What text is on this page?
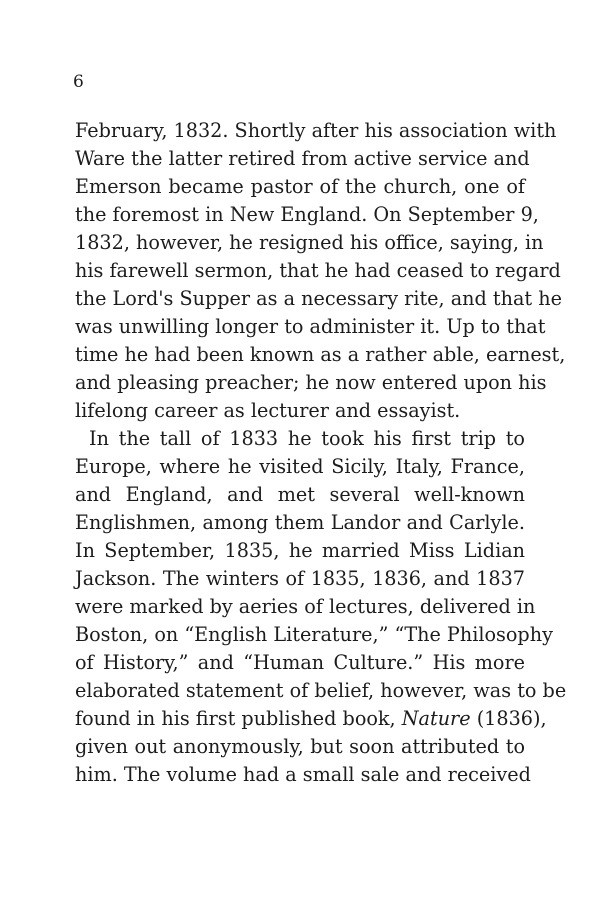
6
February, 1832. Shortly after his association with
Ware the latter retired from active service and
Emerson became pastor of the church, one of
the foremost in New England. On September 9,
1832, however, he resigned his office, saying, in
his farewell sermon, that he had ceased to regard
the Lord's Supper as a necessary rite, and that he
was unwilling longer to administer it. Up to that
time he had been known as a rather able, earnest,
and pleasing preacher; he now entered upon his
lifelong career as lecturer and essayist.
In the tall of 1833 he took his first trip to
Europe, where he visited Sicily, Italy, France,
and England, and met several well-known
Englishmen, among them Landor and Carlyle.
In September, 1835, he married Miss Lidian
Jackson. The winters of 1835, 1836, and 1837
were marked by aeries of lectures, delivered in
Boston, on “English Literature,” “The Philosophy
of History,” and “Human Culture.” His more
elaborated statement of belief, however, was to be
found in his first published book, Nature (1836),
given out anonymously, but soon attributed to
him. The volume had a small sale and received
